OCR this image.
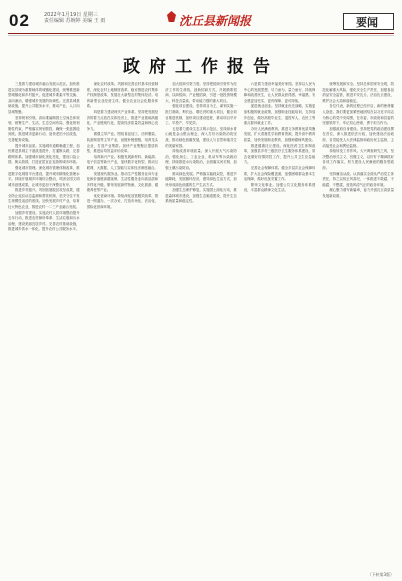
02	2022年1月19日 星期三
责任编辑 苏婉婷 美编 王 雨	沈丘县新闻报	要闻
政府工作报告

三是着力建设城乡融合发展示范区。加快推进以县城为重要载体的城镇化建设，统筹推进新型城镇化和乡村振兴，促进城乡要素平等交换、双向流动，增强城乡发展的协调性。完善县城基础设施，提升公共服务水平，推动产业、人口向县城集聚。

坚持规划引领。高标准编制国土空间总体规划，统筹生产、生活、生态空间布局，强化规划刚性约束，严格落实规划管控，确保一张蓝图绘到底。推进城市更新行动，加快老旧小区改造，完善配套设施。

提升城市品质。实施城市道路畅通工程，加快推进县城主干道改造提升，打通断头路，完善路网体系。加强城市绿化美化亮化，建设口袋公园、街头游园，打造宜居宜业宜游的城市环境。

强化城市管理。深化城市管理体制改革，推进数字化城管平台建设，提升城市精细化管理水平。持续开展城乡环境综合整治，巩固全国文明城市创建成果，让城市更加干净整洁有序。

推进乡村振兴。巩固拓展脱贫攻坚成果，健全防止返贫动态监测和帮扶机制，坚决守住不发生规模性返贫的底线。加快发展乡村产业，培育壮大特色农业，推进农村一二三产业融合发展。

加强乡村建设。实施农村人居环境整治提升五年行动，推进农村厕所革命、生活垃圾和污水治理，建设美丽宜居乡村。完善农村基础设施，推进城乡供水一体化，提升农村公共服务水平。

深化农村改革。巩固和完善农村基本经营制度，深化农村土地制度改革，稳妥推进农村集体产权制度改革，发展壮大新型农村集体经济。培育新型农业经营主体，健全农业社会化服务体系。

四是着力建设现代产业体系。坚持把发展经济的着力点放在实体经济上，推进产业基础高级化、产业链现代化，提高经济质量效益和核心竞争力。

做强主导产业。围绕食品加工、纺织服装、装备制造等主导产业，延链补链强链，培育龙头企业，打造产业集群。加快产业集聚区提质转型，推进亩均效益评价改革。

培育新兴产业。积极发展新材料、新能源、电子信息等新兴产业，加快数字化转型，推动互联网、大数据、人工智能与实体经济深度融合。

发展现代服务业。推动生产性服务业向专业化和价值链高端延伸，生活性服务业向高品质和多样化升级，繁荣发展商贸物流、文化旅游、健康养老等产业。

优化营商环境。持续深化放管服效改革，推进一网通办、一次办妥，打造市场化、法治化、国际化营商环境。

加大招商引资力度。坚持把招商引资作为经济工作的生命线，创新招商方式，开展精准招商、以商招商、产业链招商，引进一批投资规模大、科技含量高、带动能力强的重大项目。

强化项目建设。坚持项目为王，谋划实施一批打基础、利长远、增后劲的重大项目，健全项目推进机制，加快项目建设进度，推动项目早开工、早投产、早见效。

五是着力建设生态文明示范区。坚持绿水青山就是金山银山理念，深入打好污染防治攻坚战，推动绿色低碳发展，建设人与自然和谐共生的美丽家园。

持续改善环境质量。深入开展大气污染防治，强化扬尘、工业企业、机动车等污染源治理，持续推进水污染防治，全面落实河长制，加强土壤污染防治。

推动绿色发展。严格落实能耗双控，推进节能降耗，发展循环经济，倡导绿色生活方式，加快形成绿色低碳的生产生活方式。

加强生态保护修复。实施国土绿化行动，推进森林城市建设，加强生态廊道建设，提升生态系统质量和稳定性。

六是着力建设幸福美好家园。坚持以人民为中心的发展思想，尽力而为、量力而行，持续保障和改善民生，让人民群众获得感、幸福感、安全感更加充实、更有保障、更可持续。

促进就业创业。坚持就业优先战略，实施更加积极的就业政策，加强职业技能培训，支持返乡创业，做好高校毕业生、退役军人、农民工等重点群体就业工作。

办好人民满意教育。推进义务教育优质均衡发展，扩大普惠性学前教育资源，提升高中教育质量，加快发展职业教育，加强师德师风建设。

推进健康沈丘建设。深化医药卫生体制改革，加强县乡村三级医疗卫生服务体系建设，常态化做好疫情防控工作，提升公共卫生应急能力。

完善社会保障体系。健全多层次社会保障体系，扩大社会保险覆盖面，加强困难群众基本生活保障，做好优抚安置工作。

繁荣文化事业。加强公共文化服务体系建设，丰富群众精神文化生活。

统筹发展和安全。坚持总体国家安全观，防范化解重大风险，强化安全生产责任，加强食品药品安全监管，推进平安沈丘、法治沈丘建设，维护社会大局和谐稳定。

各位代表，新的征程已经开启，新的使命催人奋进。我们要更加紧密地团结在以习近平同志为核心的党中央周围，在市委、市政府和县委的坚强领导下，牢记初心使命，勇于担当作为。

加强政府自身建设。坚持把党的政治建设摆在首位，深入推进依法行政，加快建设法治政府，自觉接受人大法律监督和政协民主监督，主动接受社会和舆论监督。

持续转变工作作风。大兴调查研究之风，坚决整治形式主义、官僚主义，以钉钉子精神抓好各项工作落实，努力建设人民满意的服务型政府。

坚持廉洁从政。认真落实全面从严治党主体责任，持之以恒正风肃纪，一体推进不敢腐、不能腐、不想腐，营造风清气正的政务环境。

凝心聚力谱写新篇章，奋力开创沈丘高质量发展新局面。

（下转第3版）
